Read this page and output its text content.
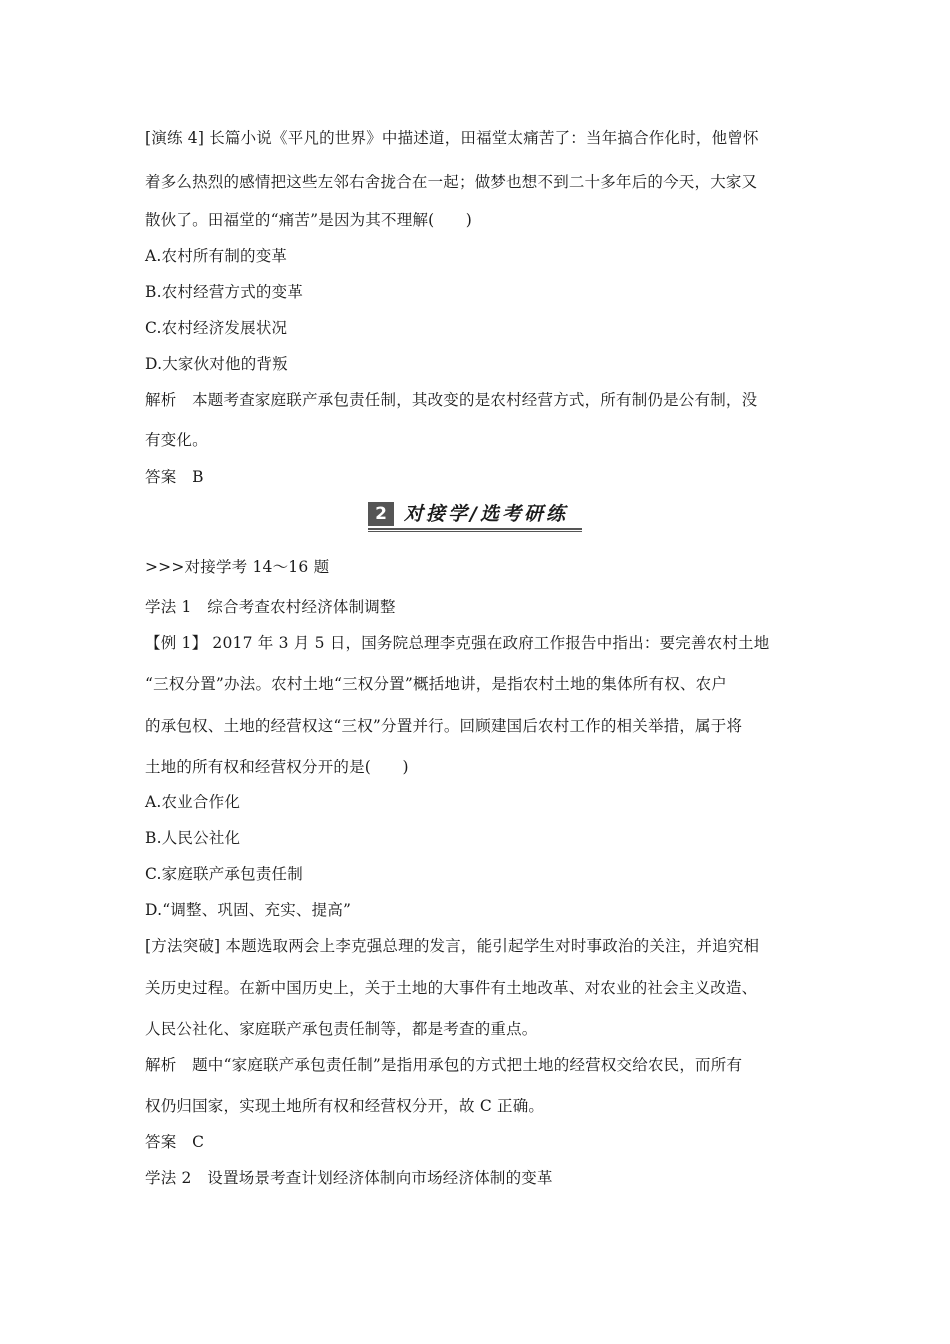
[演练 4] 长篇小说《平凡的世界》中描述道，田福堂太痛苦了：当年搞合作化时，他曾怀
着多么热烈的感情把这些左邻右舍拢合在一起；做梦也想不到二十多年后的今天，大家又
散伙了。田福堂的“痛苦”是因为其不理解(　　)
A.农村所有制的变革
B.农村经营方式的变革
C.农村经济发展状况
D.大家伙对他的背叛
解析　本题考查家庭联产承包责任制，其改变的是农村经营方式，所有制仍是公有制，没
有变化。
答案　B
2 对接学/选考研练
>>>对接学考 14～16 题
学法 1　综合考查农村经济体制调整
【例 1】 2017 年 3 月 5 日，国务院总理李克强在政府工作报告中指出：要完善农村土地
“三权分置”办法。农村土地“三权分置”概括地讲，是指农村土地的集体所有权、农户
的承包权、土地的经营权这“三权”分置并行。回顾建国后农村工作的相关举措，属于将
土地的所有权和经营权分开的是(　　)
A.农业合作化
B.人民公社化
C.家庭联产承包责任制
D.“调整、巩固、充实、提高”
[方法突破] 本题选取两会上李克强总理的发言，能引起学生对时事政治的关注，并追究相
关历史过程。在新中国历史上，关于土地的大事件有土地改革、对农业的社会主义改造、
人民公社化、家庭联产承包责任制等，都是考查的重点。
解析　题中“家庭联产承包责任制”是指用承包的方式把土地的经营权交给农民，而所有
权仍归国家，实现土地所有权和经营权分开，故 C 正确。
答案　C
学法 2　设置场景考查计划经济体制向市场经济体制的变革
